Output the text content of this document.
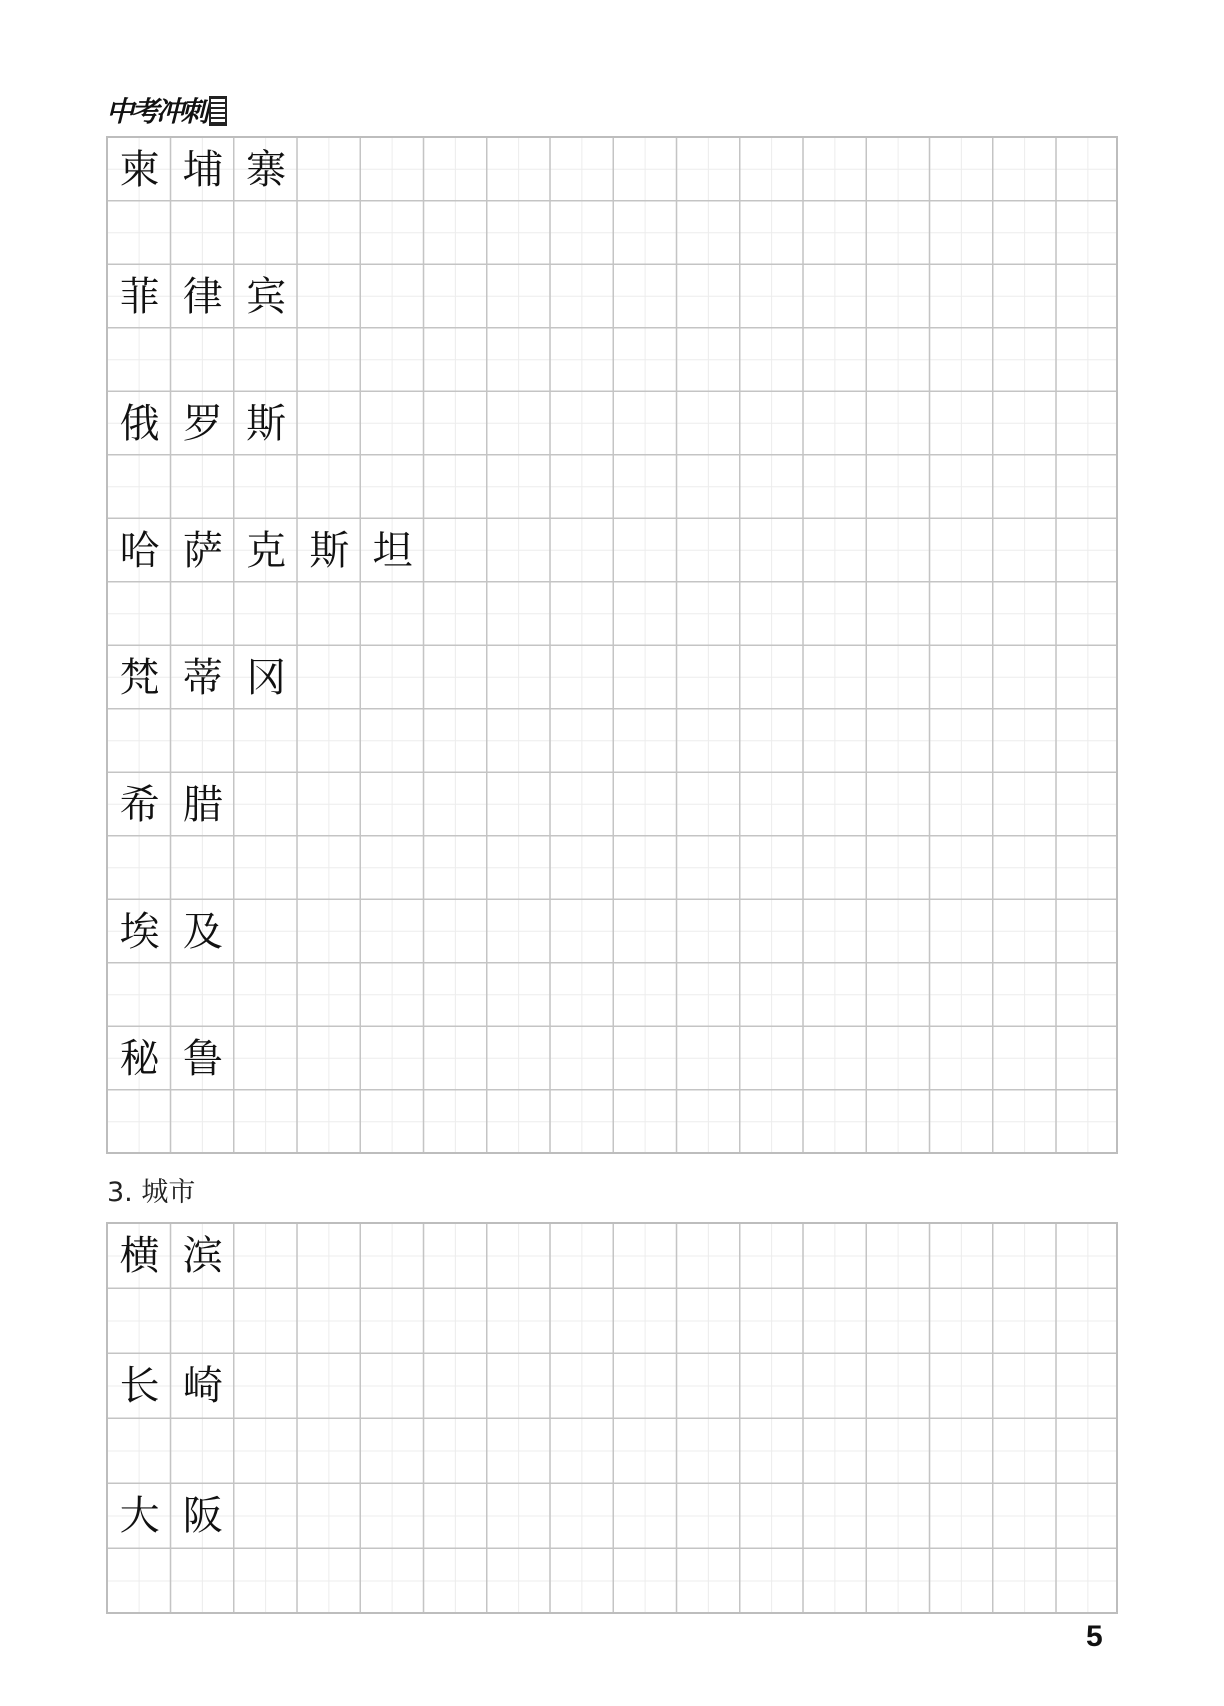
中考冲刺
柬 埔 寨
菲 律 宾
俄 罗 斯
哈 萨 克 斯 坦
梵 蒂 冈
希 腊
埃 及
秘 鲁
3. 城市
横 滨
长 崎
大 阪
5
